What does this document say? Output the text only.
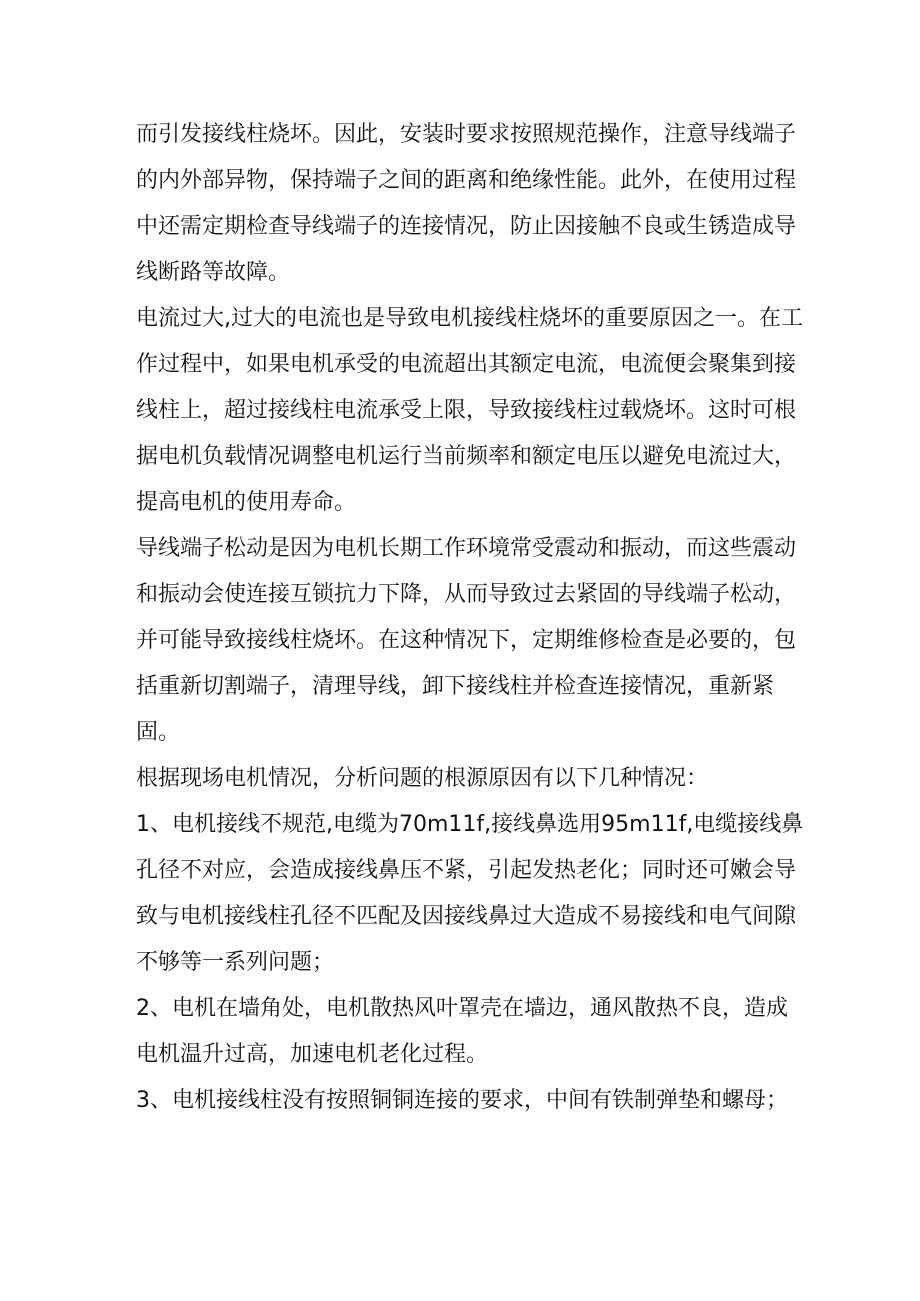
而引发接线柱烧坏。因此，安装时要求按照规范操作，注意导线端子
的内外部异物，保持端子之间的距离和绝缘性能。此外，在使用过程
中还需定期检查导线端子的连接情况，防止因接触不良或生锈造成导
线断路等故障。
电流过大,过大的电流也是导致电机接线柱烧坏的重要原因之一。在工
作过程中，如果电机承受的电流超出其额定电流，电流便会聚集到接
线柱上，超过接线柱电流承受上限，导致接线柱过载烧坏。这时可根
据电机负载情况调整电机运行当前频率和额定电压以避免电流过大，
提高电机的使用寿命。
导线端子松动是因为电机长期工作环境常受震动和振动，而这些震动
和振动会使连接互锁抗力下降，从而导致过去紧固的导线端子松动，
并可能导致接线柱烧坏。在这种情况下，定期维修检查是必要的，包
括重新切割端子，清理导线，卸下接线柱并检查连接情况，重新紧
固。
根据现场电机情况，分析问题的根源原因有以下几种情况：
1、电机接线不规范,电缆为70m11f,接线鼻选用95m11f,电缆接线鼻
孔径不对应，会造成接线鼻压不紧，引起发热老化；同时还可嫩会导
致与电机接线柱孔径不匹配及因接线鼻过大造成不易接线和电气间隙
不够等一系列问题；
2、电机在墙角处，电机散热风叶罩壳在墙边，通风散热不良，造成
电机温升过高，加速电机老化过程。
3、电机接线柱没有按照铜铜连接的要求，中间有铁制弹垫和螺母；
